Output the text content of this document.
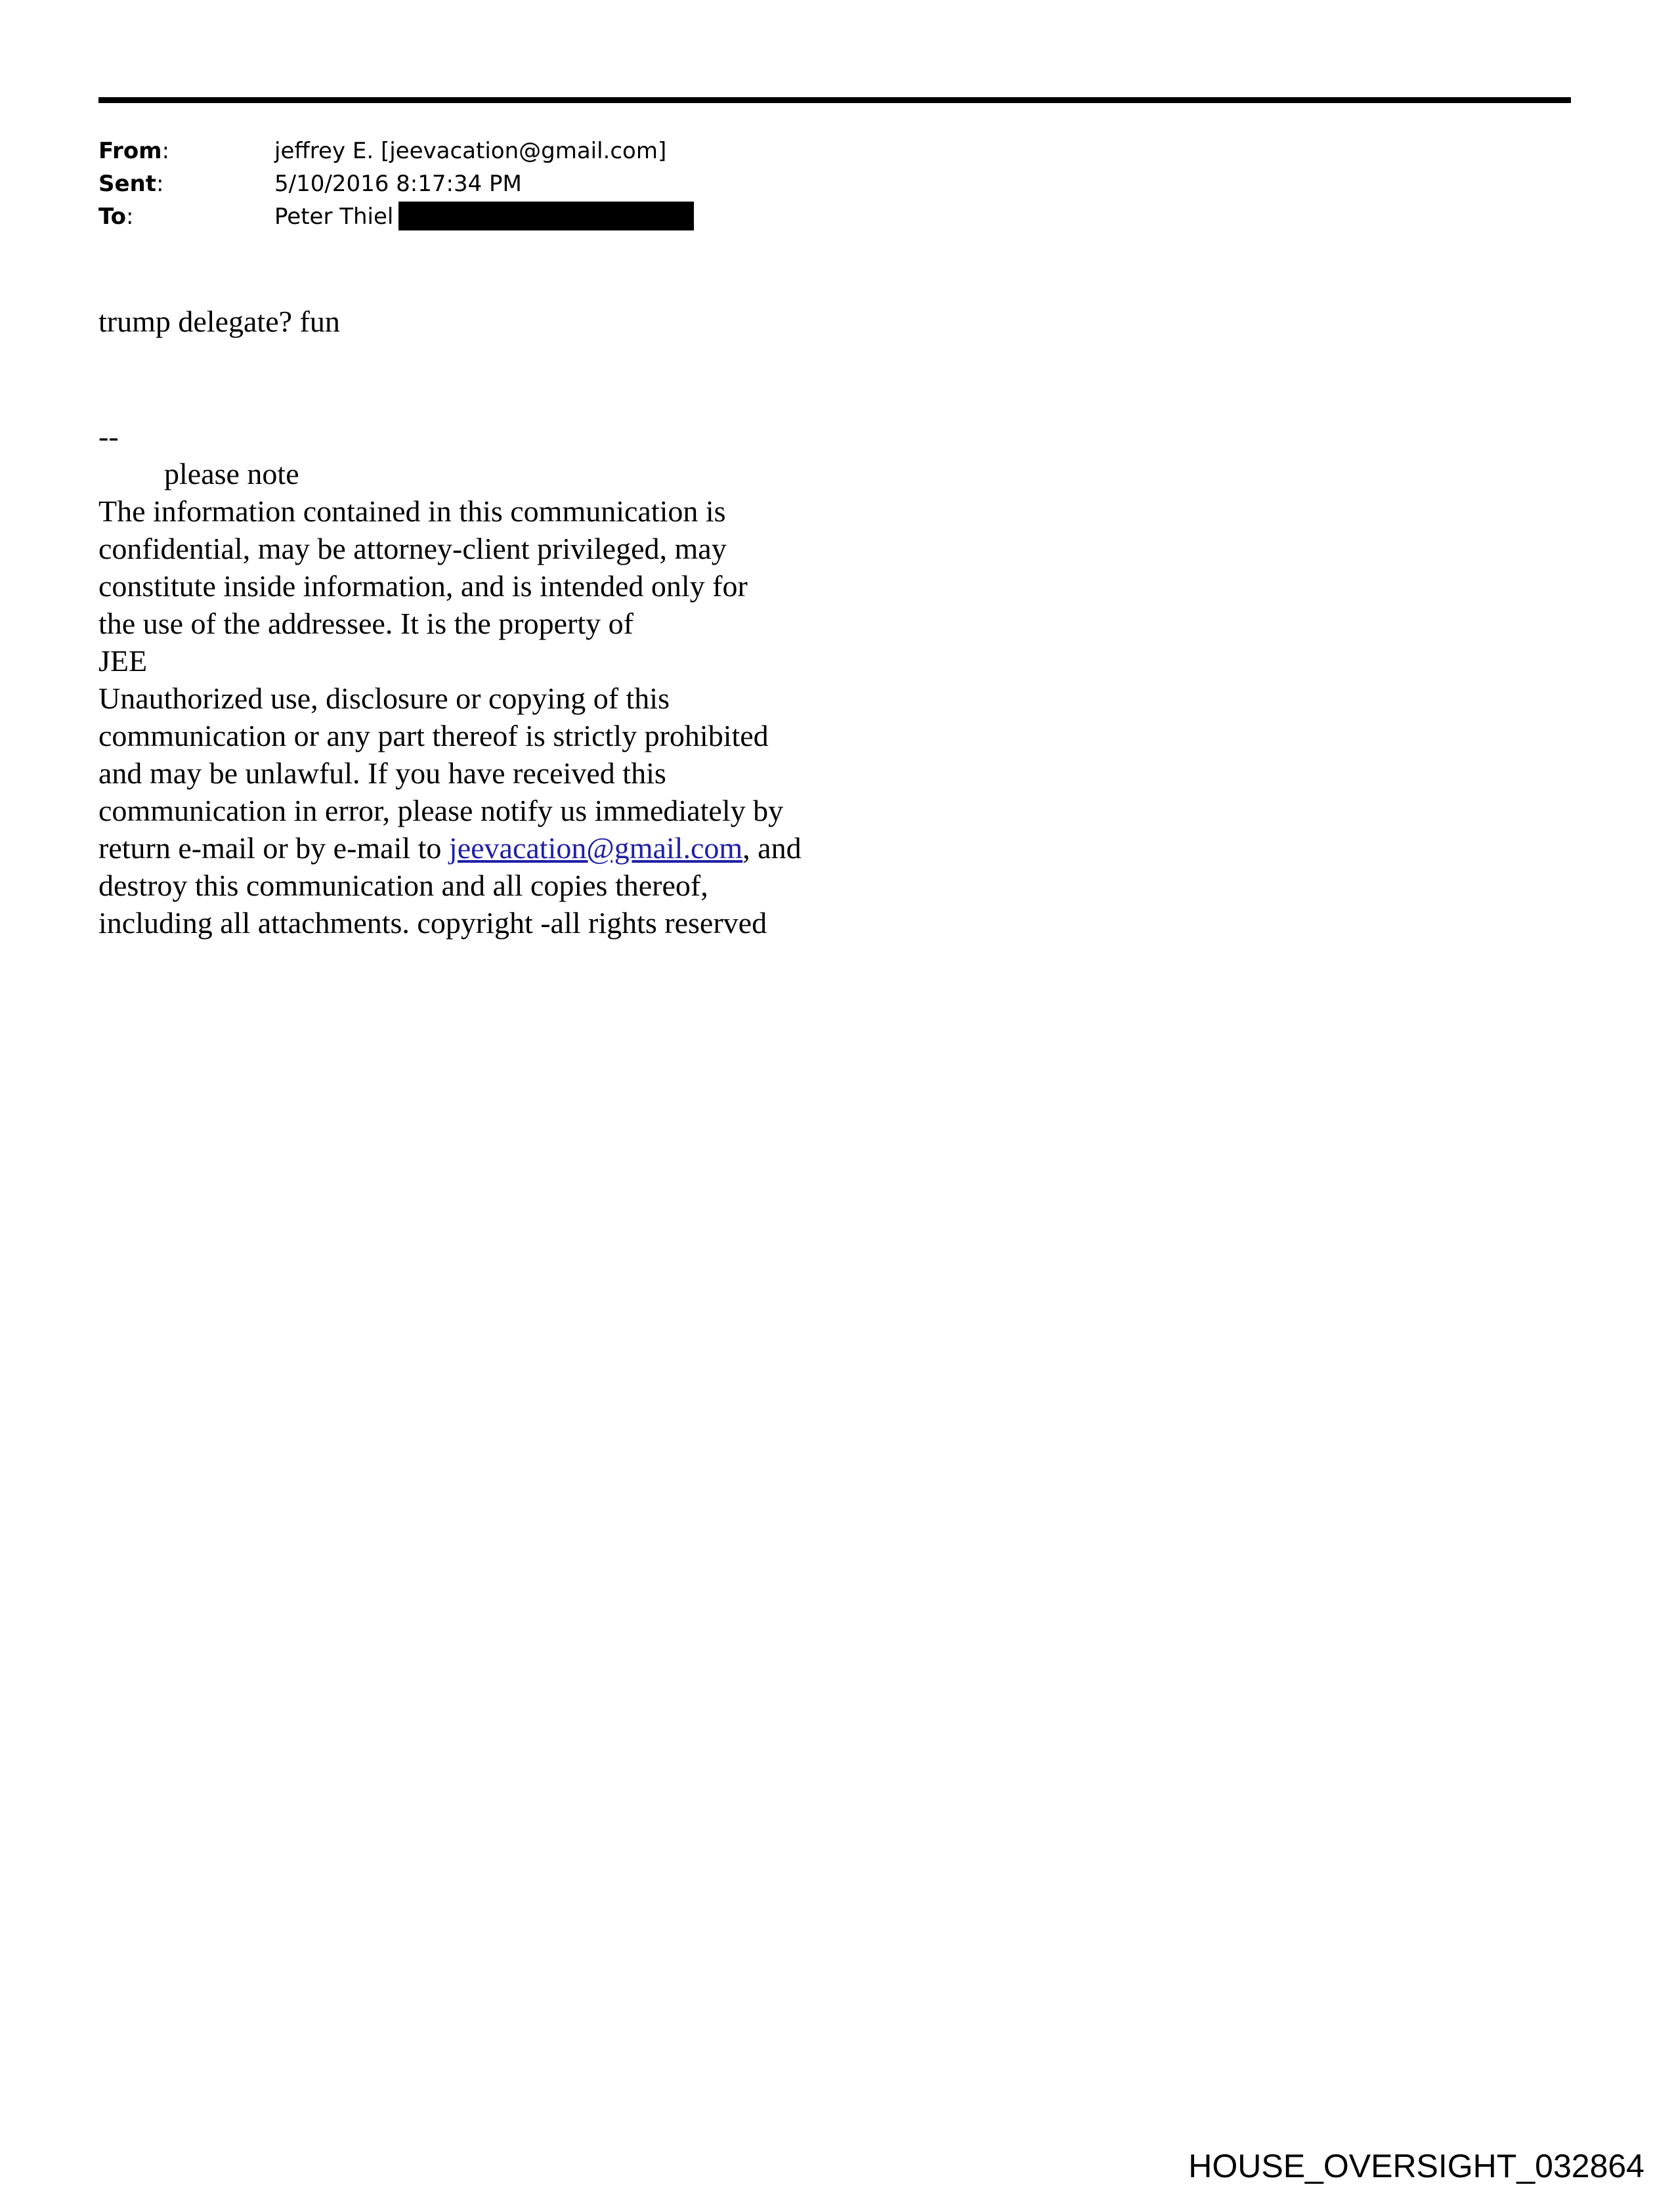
From:	jeffrey E. [jeevacation@gmail.com]
Sent:	5/10/2016 8:17:34 PM
To:	Peter Thiel
trump delegate? fun
--
please note
The information contained in this communication is
confidential, may be attorney-client privileged, may
constitute inside information, and is intended only for
the use of the addressee. It is the property of
JEE
Unauthorized use, disclosure or copying of this
communication or any part thereof is strictly prohibited
and may be unlawful. If you have received this
communication in error, please notify us immediately by
return e-mail or by e-mail to jeevacation@gmail.com, and
destroy this communication and all copies thereof,
including all attachments. copyright -all rights reserved
HOUSE_OVERSIGHT_032864
